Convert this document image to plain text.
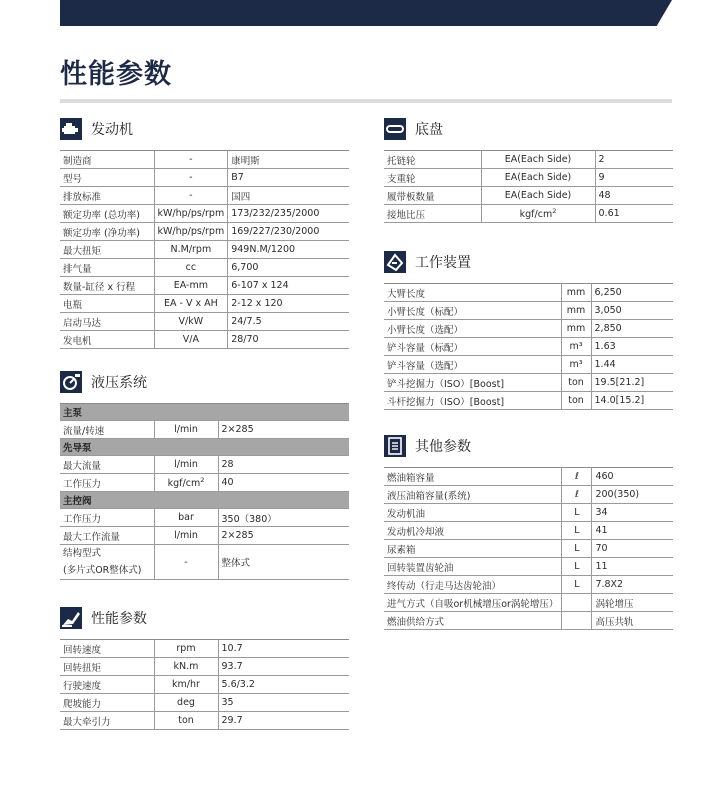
性能参数
发动机
制造商	-	康明斯
型号	-	B7
排放标准	-	国四
额定功率 (总功率)	kW/hp/ps/rpm	173/232/235/2000
额定功率 (净功率)	kW/hp/ps/rpm	169/227/230/2000
最大扭矩	N.M/rpm	949N.M/1200
排气量	cc	6,700
数量-缸径 x 行程	EA-mm	6-107 x 124
电瓶	EA - V x AH	2-12 x 120
启动马达	V/kW	24/7.5
发电机	V/A	28/70
液压系统
主泵		
流量/转速	l/min	2×285
先导泵		
最大流量	l/min	28
工作压力	kgf/$cm^2$	40
主控阀		
工作压力	bar	350（380）
最大工作流量	l/min	2×285
结构型式
(多片式OR整体式)	-	整体式
性能参数
回转速度	rpm	10.7
回转扭矩	kN.m	93.7
行驶速度	km/hr	5.6/3.2
爬坡能力	deg	35
最大牵引力	ton	29.7
底盘
托链轮	EA(Each Side)	2
支重轮	EA(Each Side)	9
履带板数量	EA(Each Side)	48
接地比压	kgf/$cm^2$	0.61
工作装置
大臂长度	mm	6,250
小臂长度（标配）	mm	3,050
小臂长度（选配）	mm	2,850
铲斗容量（标配）	m³	1.63
铲斗容量（选配）	m³	1.44
铲斗挖掘力（ISO）[Boost]	ton	19.5[21.2]
斗杆挖掘力（ISO）[Boost]	ton	14.0[15.2]
其他参数
燃油箱容量	ℓ	460
液压油箱容量(系统)	ℓ	200(350)
发动机油	L	34
发动机冷却液	L	41
尿素箱	L	70
回转装置齿轮油	L	11
终传动（行走马达齿轮油）	L	7.8X2
进气方式（自吸or机械增压or涡轮增压）		涡轮增压
燃油供给方式		高压共轨
